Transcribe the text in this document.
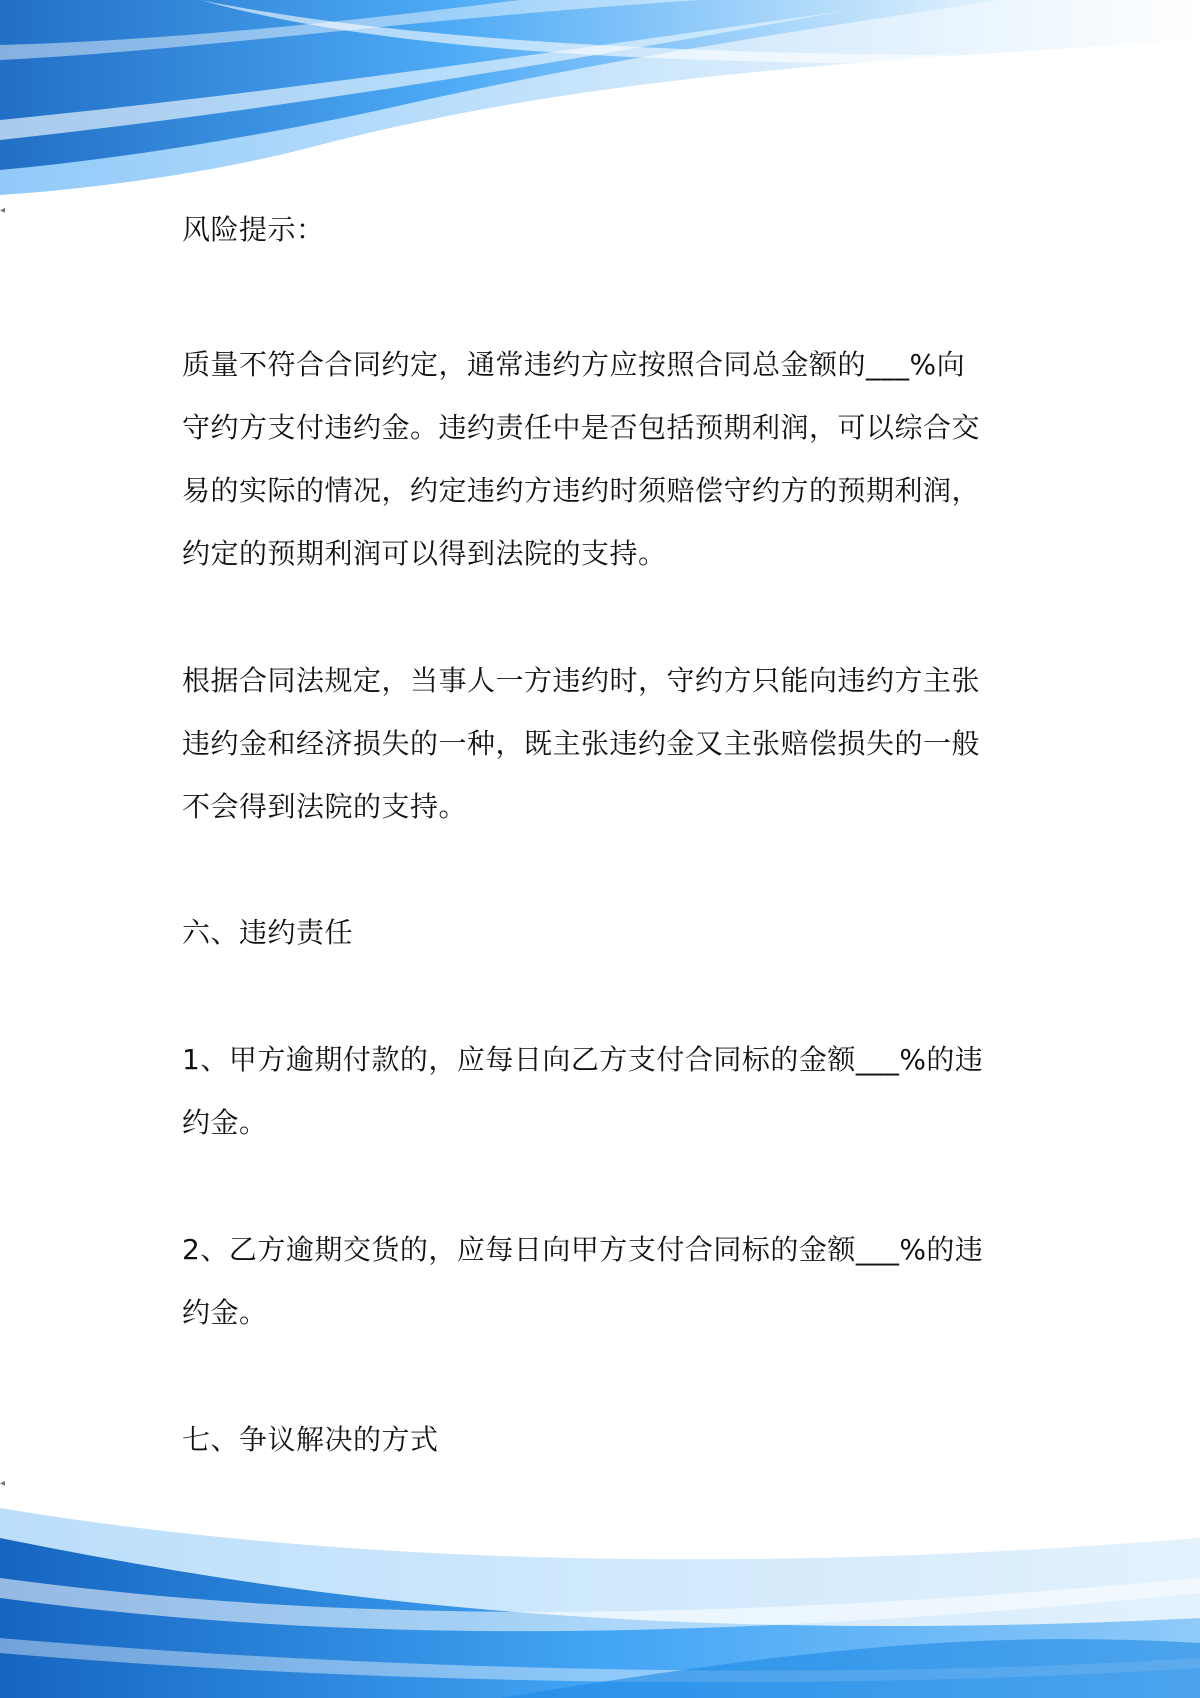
◂
◂
风险提示：
质量不符合合同约定，通常违约方应按照合同总金额的___%向
守约方支付违约金。违约责任中是否包括预期利润，可以综合交
易的实际的情况，约定违约方违约时须赔偿守约方的预期利润，
约定的预期利润可以得到法院的支持。
根据合同法规定，当事人一方违约时，守约方只能向违约方主张
违约金和经济损失的一种，既主张违约金又主张赔偿损失的一般
不会得到法院的支持。
六、违约责任
1、甲方逾期付款的，应每日向乙方支付合同标的金额___%的违
约金。
2、乙方逾期交货的，应每日向甲方支付合同标的金额___%的违
约金。
七、争议解决的方式
